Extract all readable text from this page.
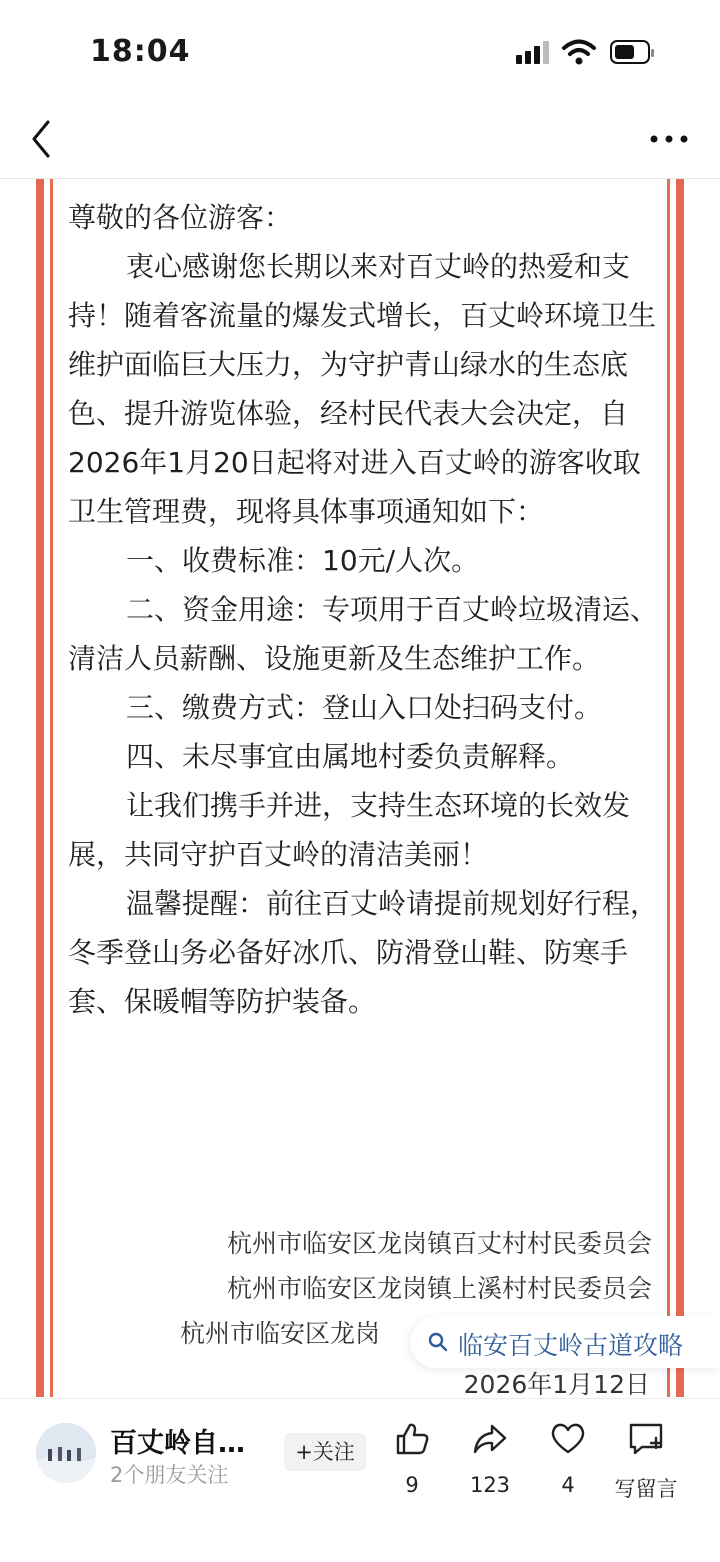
18:04

尊敬的各位游客：

衷心感谢您长期以来对百丈岭的热爱和支持！随着客流量的爆发式增长，百丈岭环境卫生维护面临巨大压力，为守护青山绿水的生态底色、提升游览体验，经村民代表大会决定，自2026年1月20日起将对进入百丈岭的游客收取卫生管理费，现将具体事项通知如下：

一、收费标准：10元/人次。

二、资金用途：专项用于百丈岭垃圾清运、清洁人员薪酬、设施更新及生态维护工作。

三、缴费方式：登山入口处扫码支付。

四、未尽事宜由属地村委负责解释。

让我们携手并进，支持生态环境的长效发展，共同守护百丈岭的清洁美丽！

温馨提醒：前往百丈岭请提前规划好行程，冬季登山务必备好冰爪、防滑登山鞋、防寒手套、保暖帽等防护装备。

杭州市临安区龙岗镇百丈村村民委员会
杭州市临安区龙岗镇上溪村村民委员会
杭州市临安区龙岗
2026年1月12日
临安百丈岭古道攻略
百丈岭自…
2个朋友关注
+关注
9	123	4	写留言
